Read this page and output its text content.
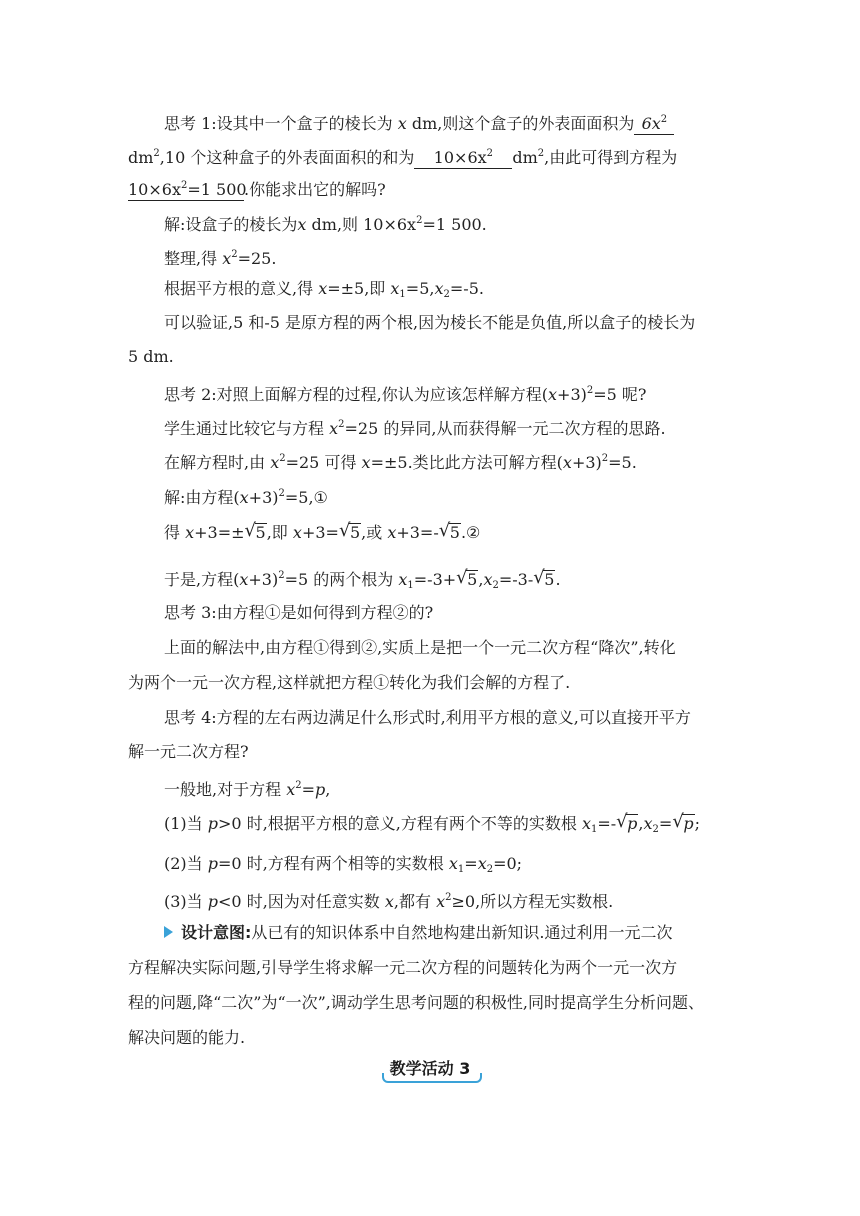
思考 1:设其中一个盒子的棱长为 x dm,则这个盒子的外表面面积为 $6x^2$
$dm^2,10$ 个这种盒子的外表面面积的和为 $10\times 6x^2$ $dm^2$,由此可得到方程为
$10\times 6x^2=1$ 500.你能求出它的解吗?
解:设盒子的棱长为x dm,则 $10\times 6x^2=1$ 500.
整理,得 $x^2=25$.
根据平方根的意义,得 x=±5,即 $x_1=5,x_2=-5$.
可以验证,5 和-5 是原方程的两个根,因为棱长不能是负值,所以盒子的棱长为
5 dm.
思考 2:对照上面解方程的过程,你认为应该怎样解方程$(x+3)^2=5$ 呢?
学生通过比较它与方程 $x^2=25$ 的异同,从而获得解一元二次方程的思路.
在解方程时,由 $x^2=25$ 可得 x=±5.类比此方法可解方程$(x+3)^2=5$.
解:由方程$(x+3)^2=5,①$
得 x+3=± √ 5,即 x+3= √ 5,或 x+3=- √ 5.②
于是,方程$(x+3)^2=5$ 的两个根为 $x_1=-3+$ √ $5,x_2=-3-$ √ 5.
思考 3:由方程①是如何得到方程②的?
上面的解法中,由方程①得到②,实质上是把一个一元二次方程“降次”,转化
为两个一元一次方程,这样就把方程①转化为我们会解的方程了.
思考 4:方程的左右两边满足什么形式时,利用平方根的意义,可以直接开平方
解一元二次方程?
一般地,对于方程 $x^2=p$,
(1)当 p>0 时,根据平方根的意义,方程有两个不等的实数根 $x_1=-$ √ $p,x_2=$ √ p;
(2)当 p=0 时,方程有两个相等的实数根 $x_1=x_2=0$;
(3)当 p<0 时,因为对任意实数 x,都有 $x^2\ge 0$,所以方程无实数根.
设计意图:从已有的知识体系中自然地构建出新知识.通过利用一元二次
方程解决实际问题,引导学生将求解一元二次方程的问题转化为两个一元一次方
程的问题,降“二次”为“一次”,调动学生思考问题的积极性,同时提高学生分析问题、
解决问题的能力.
教学活动 3
